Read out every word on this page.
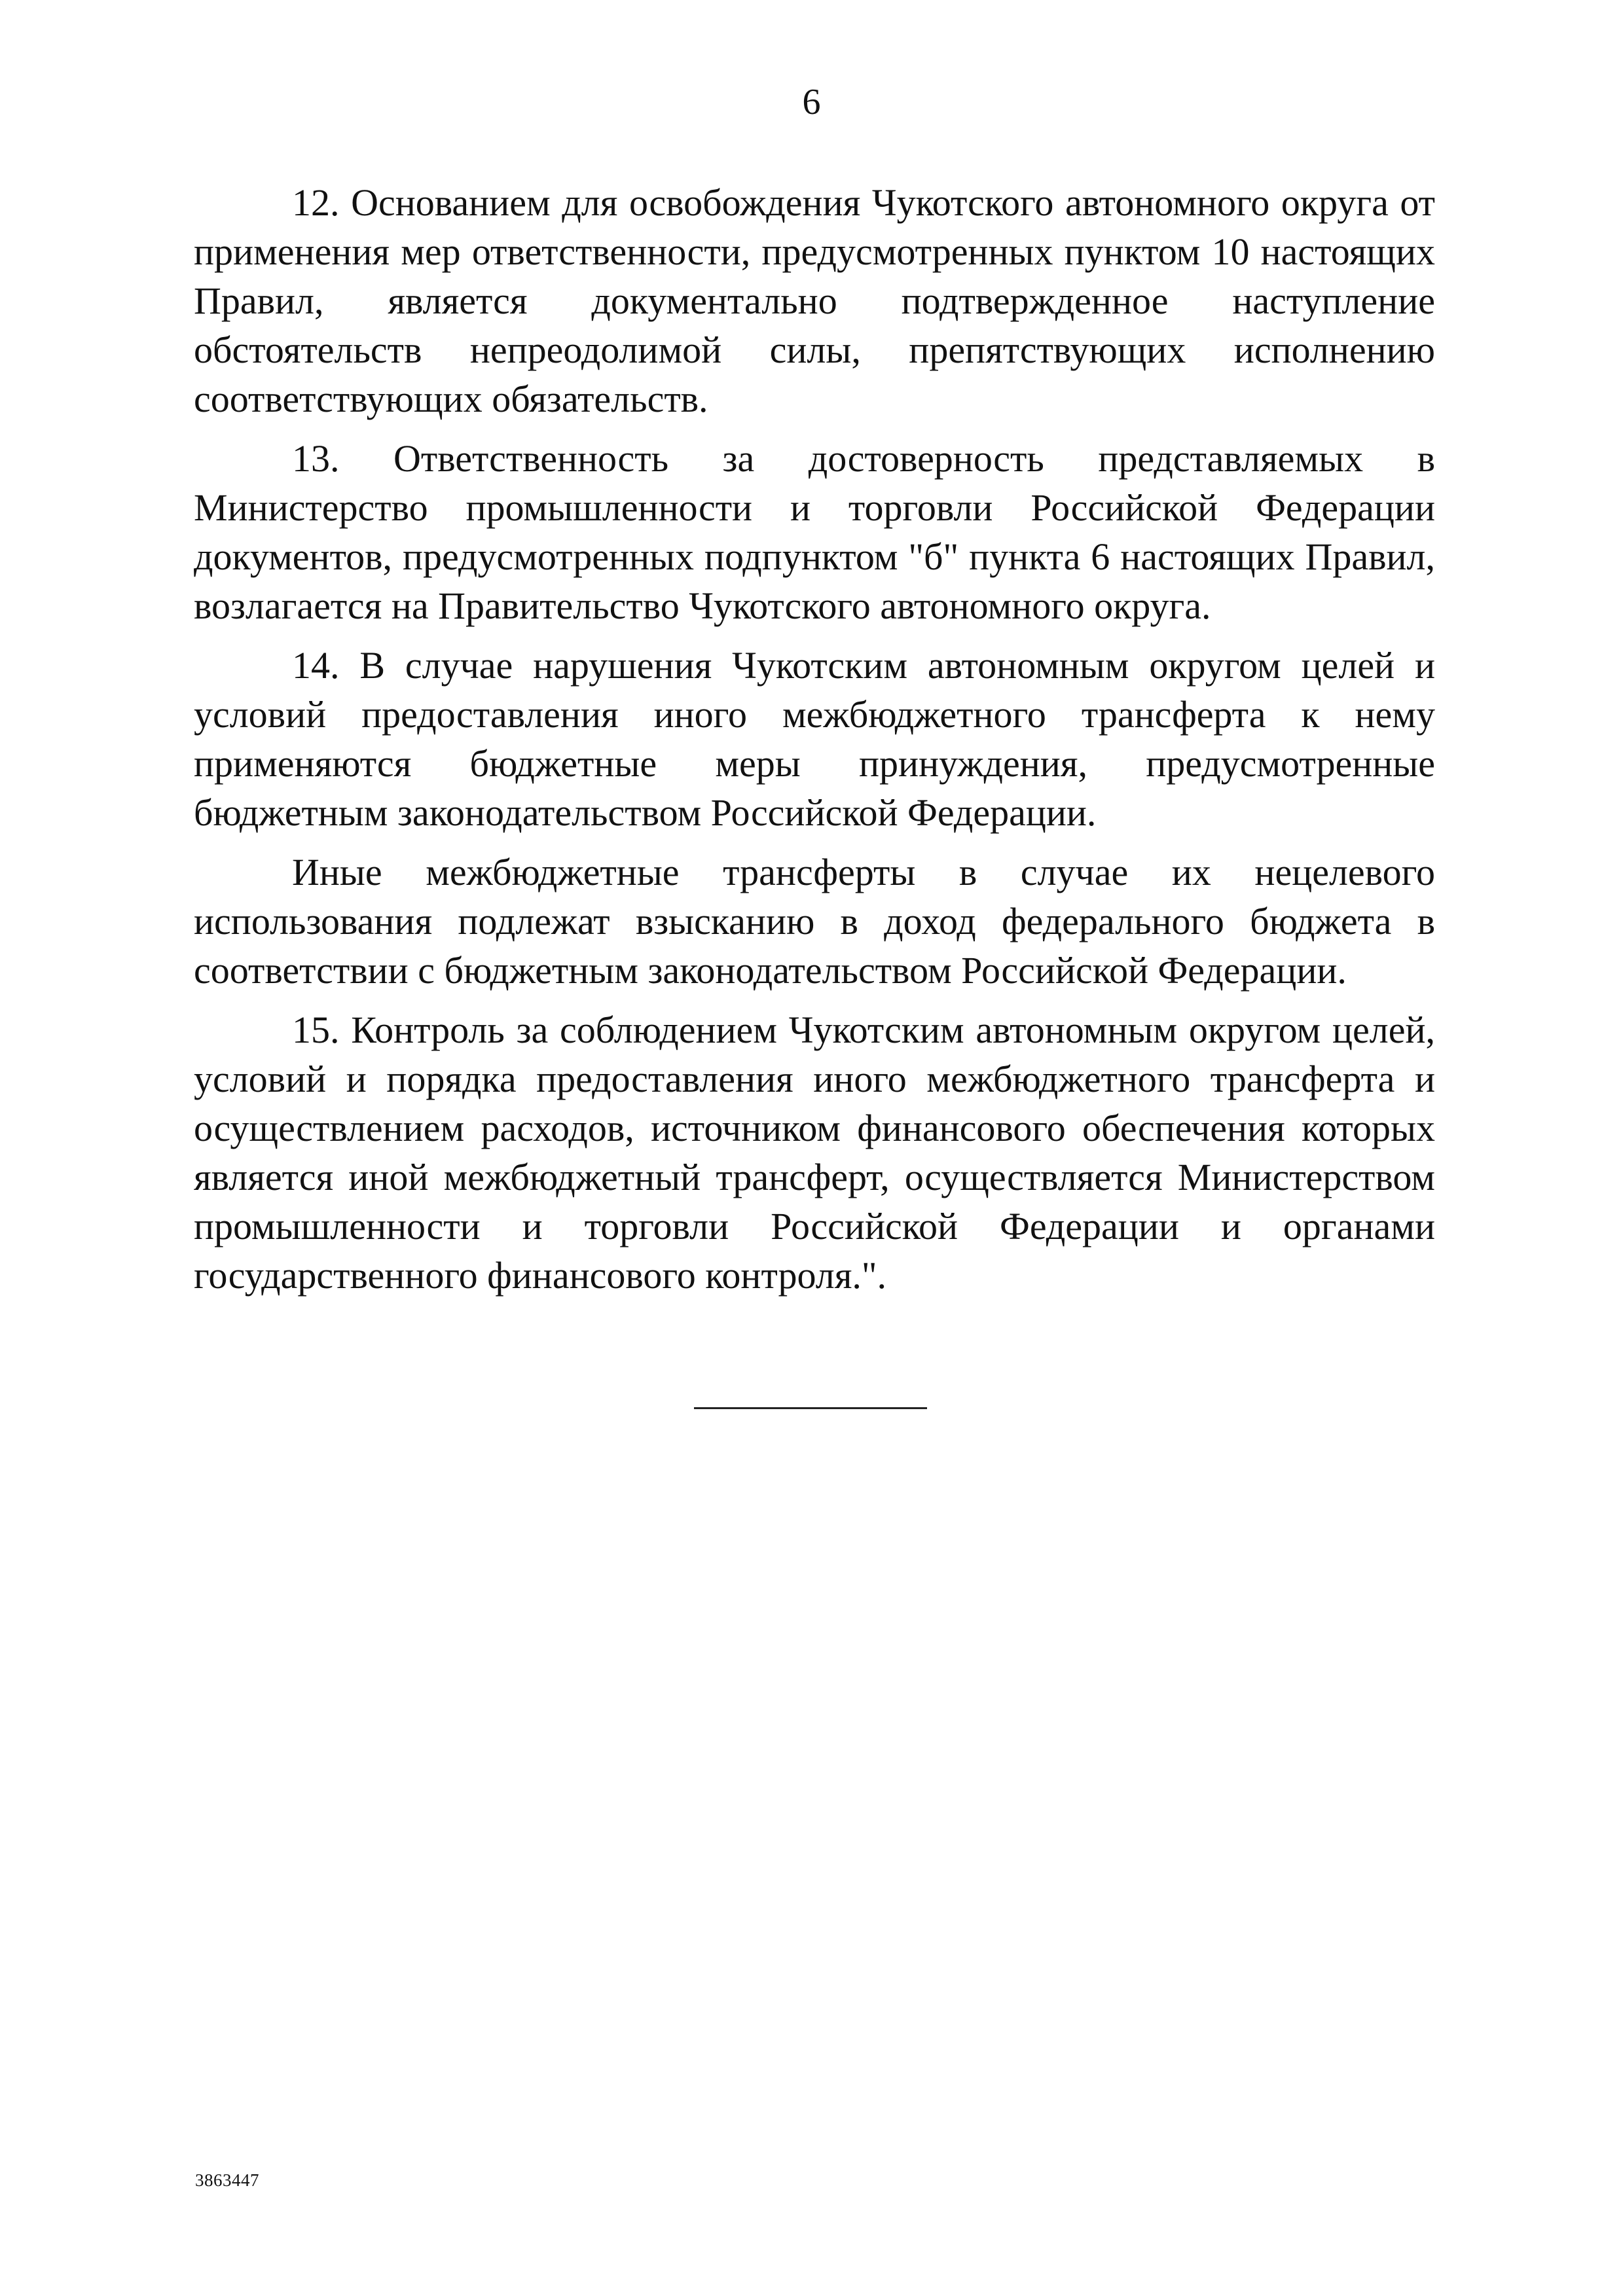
6

12. Основанием для освобождения Чукотского автономного округа от применения мер ответственности, предусмотренных пунктом 10 настоящих Правил, является документально подтвержденное наступление обстоятельств непреодолимой силы, препятствующих исполнению соответствующих обязательств.

13. Ответственность за достоверность представляемых в Министерство промышленности и торговли Российской Федерации документов, предусмотренных подпунктом "б" пункта 6 настоящих Правил, возлагается на Правительство Чукотского автономного округа.

14. В случае нарушения Чукотским автономным округом целей и условий предоставления иного межбюджетного трансферта к нему применяются бюджетные меры принуждения, предусмотренные бюджетным законодательством Российской Федерации.

Иные межбюджетные трансферты в случае их нецелевого использования подлежат взысканию в доход федерального бюджета в соответствии с бюджетным законодательством Российской Федерации.

15. Контроль за соблюдением Чукотским автономным округом целей, условий и порядка предоставления иного межбюджетного трансферта и осуществлением расходов, источником финансового обеспечения которых является иной межбюджетный трансферт, осуществляется Министерством промышленности и торговли Российской Федерации и органами государственного финансового контроля.".

3863447
